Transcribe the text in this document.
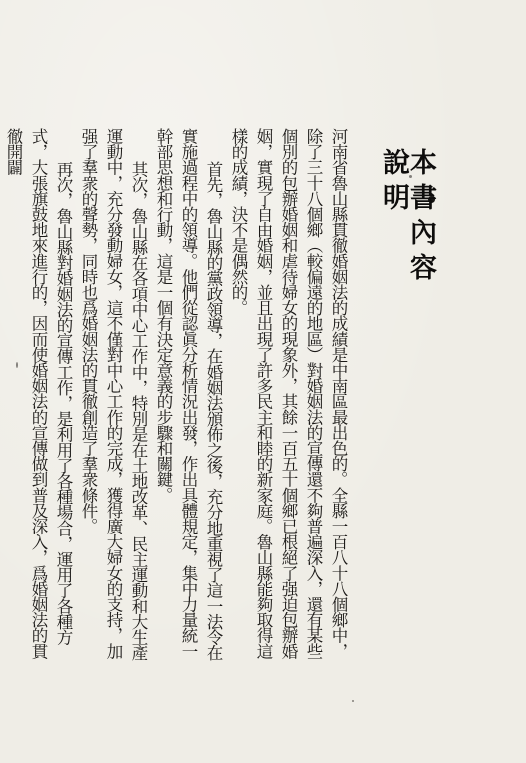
本書內容說明

河南省魯山縣貫徹婚姻法的成績是中南區最出色的。全縣一百八十八個鄉中，除了三十八個鄉（較偏遠的地區）對婚姻法的宣傳還不夠普遍深入，還有某些個別的包辦婚姻和虐待婦女的現象外，其餘一百五十個鄉已根絕了强迫包辦婚姻，實現了自由婚姻，並且出現了許多民主和睦的新家庭。魯山縣能夠取得這樣的成績，決不是偶然的。

首先，魯山縣的黨政領導，在婚姻法頒佈之後，充分地重視了這一法令在實施過程中的領導。他們從認眞分析情況出發，作出具體規定，集中力量統一幹部思想和行動，這是一個有決定意義的步驟和關鍵。

其次，魯山縣在各項中心工作中，特別是在土地改革、民主運動和大生產運動中，充分發動婦女，這不僅對中心工作的完成，獲得廣大婦女的支持，加强了羣衆的聲勢，同時也爲婚姻法的貫徹創造了羣衆條件。

再次，魯山縣對婚姻法的宣傳工作，是利用了各種場合，運用了各種方式，大張旗鼓地來進行的，因而使婚姻法的宣傳做到普及深入，爲婚姻法的貫徹開闢
